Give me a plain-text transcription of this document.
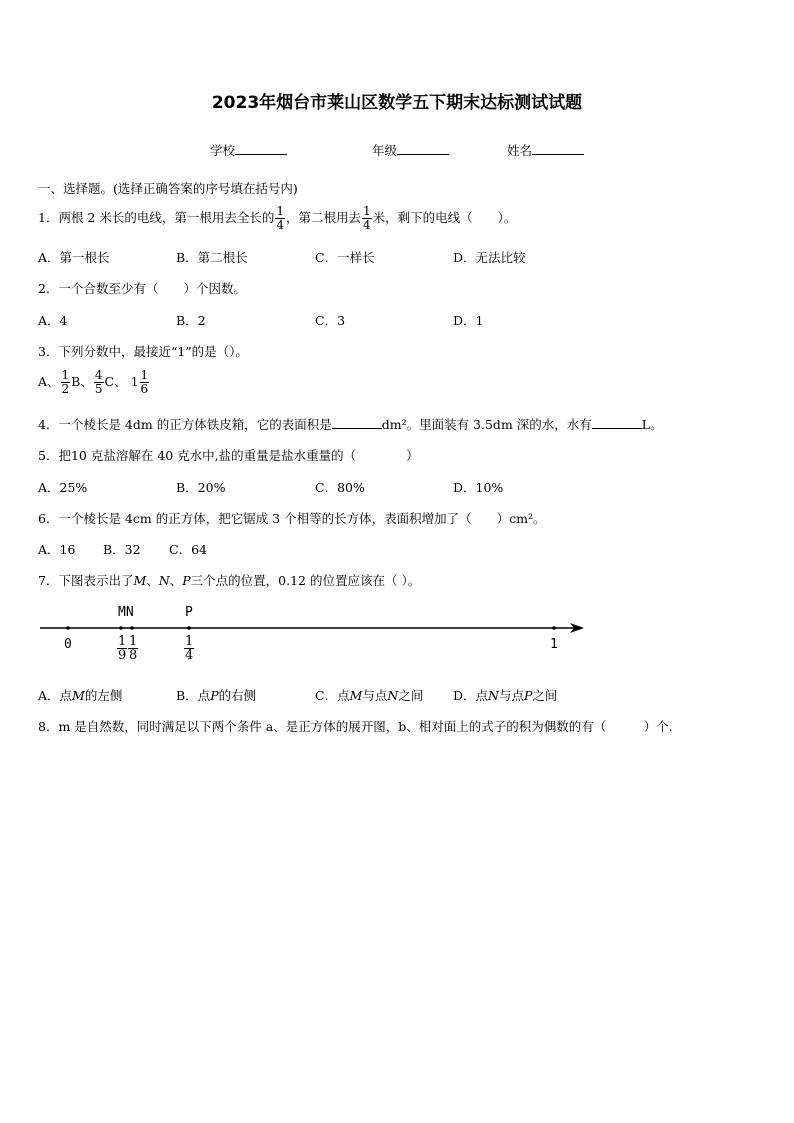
2023年烟台市莱山区数学五下期末达标测试试题
学校	年级	姓名
一、选择题。(选择正确答案的序号填在括号内)
1．两根 2 米长的电线，第一根用去全长的 $\frac{1}{4}$ ，第二根用去 $\frac{1}{4}$ 米，剩下的电线（　　）。
A．第一根长	B．第二根长	C．一样长	D．无法比较
2．一个合数至少有（　　）个因数。
A．4	B．2	C．3	D．1
3．下列分数中，最接近“1”的是（）。
A、 $\frac{1}{2}$ B、 $\frac{4}{5}$ C、 $1 \frac{1}{6}$
4．一个棱长是 4dm 的正方体铁皮箱，它的表面积是	dm²。里面装有 3.5dm 深的水，水有	L。
5．把10 克盐溶解在 40 克水中,盐的重量是盐水重量的（　　　　）
A．25%	B．20%	C．80%	D．10%
6．一个棱长是 4cm 的正方体，把它锯成 3 个相等的长方体，表面积增加了（　　）cm²。
A．16 B．32 C．64
7．下图表示出了M、N、P三个点的位置，0.12 的位置应该在（ ）。
MN	P
0	1
$\frac{1}{9} \frac{1}{8}$	$\frac{1}{4}$
A．点M的左侧	B．点P的右侧	C．点M与点N之间 D．点N与点P之间
8．m 是自然数，同时满足以下两个条件 a、是正方体的展开图，b、相对面上的式子的积为偶数的有（　　　）个．
